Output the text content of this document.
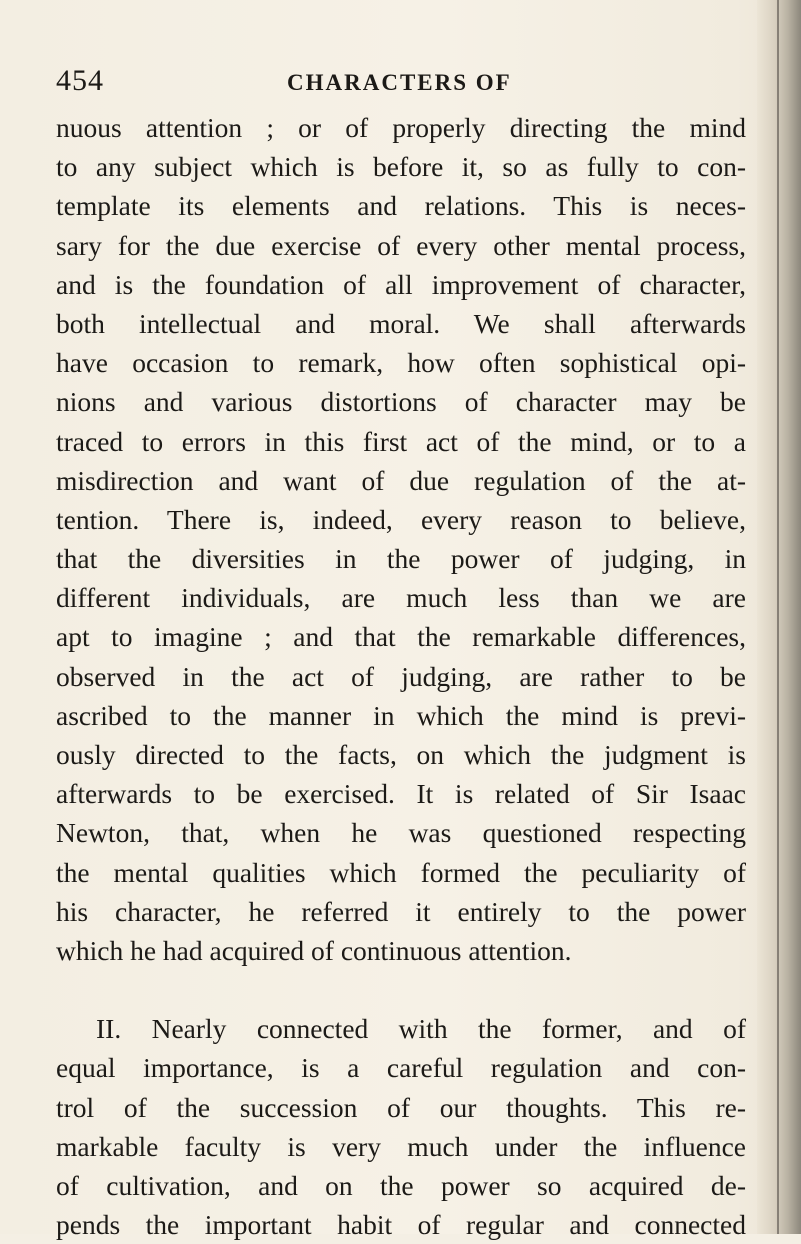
454	CHARACTERS OF
nuous attention ; or of properly directing the mind
to any subject which is before it, so as fully to con-
template its elements and relations. This is neces-
sary for the due exercise of every other mental process,
and is the foundation of all improvement of character,
both intellectual and moral. We shall afterwards
have occasion to remark, how often sophistical opi-
nions and various distortions of character may be
traced to errors in this first act of the mind, or to a
misdirection and want of due regulation of the at-
tention. There is, indeed, every reason to believe,
that the diversities in the power of judging, in
different individuals, are much less than we are
apt to imagine ; and that the remarkable differences,
observed in the act of judging, are rather to be
ascribed to the manner in which the mind is previ-
ously directed to the facts, on which the judgment is
afterwards to be exercised. It is related of Sir Isaac
Newton, that, when he was questioned respecting
the mental qualities which formed the peculiarity of
his character, he referred it entirely to the power
which he had acquired of continuous attention.
II. Nearly connected with the former, and of
equal importance, is a careful regulation and con-
trol of the succession of our thoughts. This re-
markable faculty is very much under the influence
of cultivation, and on the power so acquired de-
pends the important habit of regular and connected
